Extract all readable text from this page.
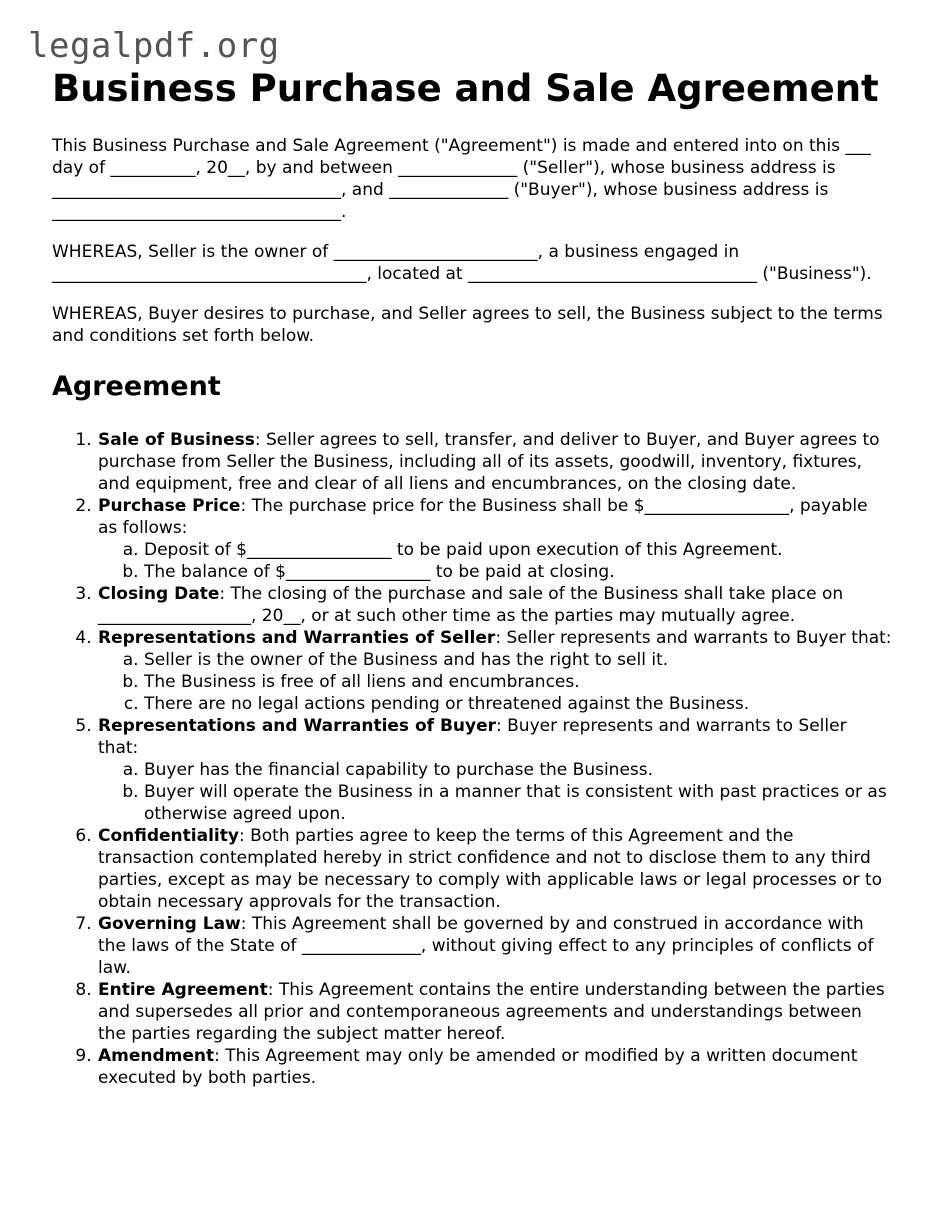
legalpdf.org
Business Purchase and Sale Agreement

This Business Purchase and Sale Agreement ("Agreement") is made and entered into on this ___ day of __________, 20__, by and between ______________ ("Seller"), whose business address is __________________________________, and ______________ ("Buyer"), whose business address is __________________________________.

WHEREAS, Seller is the owner of ________________________, a business engaged in _____________________________________, located at __________________________________ ("Business").

WHEREAS, Buyer desires to purchase, and Seller agrees to sell, the Business subject to the terms and conditions set forth below.

Agreement
1. Sale of Business: Seller agrees to sell, transfer, and deliver to Buyer, and Buyer agrees to purchase from Seller the Business, including all of its assets, goodwill, inventory, fixtures, and equipment, free and clear of all liens and encumbrances, on the closing date.
2. Purchase Price: The purchase price for the Business shall be $_________________, payable as follows:
a. Deposit of $_________________ to be paid upon execution of this Agreement.
b. The balance of $_________________ to be paid at closing.
3. Closing Date: The closing of the purchase and sale of the Business shall take place on __________________, 20__, or at such other time as the parties may mutually agree.
4. Representations and Warranties of Seller: Seller represents and warrants to Buyer that:
a. Seller is the owner of the Business and has the right to sell it.
b. The Business is free of all liens and encumbrances.
c. There are no legal actions pending or threatened against the Business.
5. Representations and Warranties of Buyer: Buyer represents and warrants to Seller that:
a. Buyer has the financial capability to purchase the Business.
b. Buyer will operate the Business in a manner that is consistent with past practices or as otherwise agreed upon.
6. Confidentiality: Both parties agree to keep the terms of this Agreement and the transaction contemplated hereby in strict confidence and not to disclose them to any third parties, except as may be necessary to comply with applicable laws or legal processes or to obtain necessary approvals for the transaction.
7. Governing Law: This Agreement shall be governed by and construed in accordance with the laws of the State of ______________, without giving effect to any principles of conflicts of law.
8. Entire Agreement: This Agreement contains the entire understanding between the parties and supersedes all prior and contemporaneous agreements and understandings between the parties regarding the subject matter hereof.
9. Amendment: This Agreement may only be amended or modified by a written document executed by both parties.
